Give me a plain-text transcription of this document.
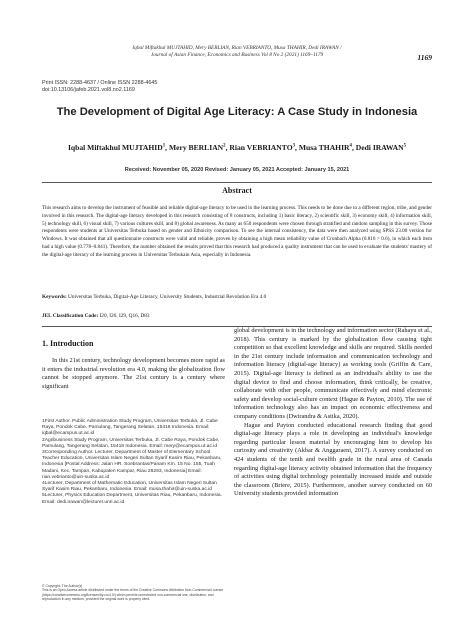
Iqbal Miftakhul MUJTAHID, Mery BERLIAN, Rian VEBRIANTO, Musa THAHIR, Dedi IRAWAN /
Journal of Asian Finance, Economics and Business Vol 8 No 2 (2021) 1169–1179	1169
Print ISSN: 2288-4637 / Online ISSN 2288-4645
doi:10.13106/jafeb.2021.vol8.no2.1169
The Development of Digital Age Literacy: A Case Study in Indonesia
Iqbal Miftakhul MUJTAHID$^1$, Mery BERLIAN$^2$, Rian VEBRIANTO$^3$, Musa THAHIR$^4$, Dedi IRAWAN$^5$
Received: November 05, 2020 Revised: January 05, 2021 Accepted: January 15, 2021
Abstract
This research aims to develop the instrument of feasible and reliable digital-age literacy to be used in the learning process. This needs to be done due to a different region, tribe, and gender involved in this research. The digital-age literacy developed in this research consisting of 8 constructs, including 1) basic literacy, 2) scientific skill, 3) economy skill, 4) information skill, 5) technology skill, 6) visual skill, 7) various cultures skill, and 8) global awareness. As many as 650 respondents were chosen through stratified and random sampling in this survey. Those respondents were students at Universitas Terbuka based on gender and Ethnicity comparison. To see the internal consistency, the data were then analyzed using SPSS 23.00 version for Windows. It was obtained that all questionnaire constructs were valid and reliable, proven by obtaining a high mean reliability value of Cronbach Alpha (0.816 > 0.6), in which each item had a high value (0.778–0.841). Therefore, the number obtained the results proved that this research had produced a quality instrument that can be used to evaluate the students' mastery of the digital-age literacy of the learning process in Universitas Terbukain Asia, especially in Indonesia.
Keywords: Universitas Terbuka, Digital-Age Literacy, University Students, Industrial Revolution Era 4.0
JEL Classification Code: I20, I26, I29, Q16, D83
1. Introduction

In this 21st century, technology development becomes more rapid as it enters the industrial revolution era 4.0, making the globalization flow cannot be stopped anymore. The 21st century is a century where significant

1First Author. Public Administration Study Program, Universitas Terbuka, Jl. Cabe Raya, Pondok Cabe, Pamulang, Tangerang Selatan, 15418 Indonesia. Email: iqbal@ecampus.ut.ac.id

2Agribusiness Study Program, Universitas Terbuka, Jl. Cabe Raya, Pondok Cabe, Pamulang, Tangerang Selatan, 15418 Indonesia. Email: mery@ecampus.ut.ac.id

3Corresponding Author. Lecturer, Department of Master of Elementary School Teacher Education, Universitas Islam Negeri Sultan Syarif Kasim Riau, Pekanbaru, Indonesia [Postal Address: Jalan HR. Soebrantas/Panam Km. 15 No. 155, Tuah Madani, Kec. Tampan, Kabupaten Kampar, Riau 28293, Indonesia] Email: rian.vebrianto@uin-suska.ac.id

4Lecturer, Department of Mathematic Education, Universitas Islam Negeri Sultan Syarif Kasim Riau, Pekanbaru, Indonesia. Email: musa.thahir@uin-suska.ac.id

5Lecturer, Physics Education Department, Universitas Riau, Pekanbaru, Indonesia. Email: dedi.irawan@lecturer.unri.ac.id

© Copyright: The Author(s)
This is an Open Access article distributed under the terms of the Creative Commons Attribution Non-Commercial License (https://creativecommons.org/licenses/by-nc/4.0/) which permits unrestricted non-commercial use, distribution, and reproduction in any medium, provided the original work is properly cited.

global development is in the technology and information sector (Rahayu et al., 2018). This century is marked by the globalization flow causing tight competition so that excellent knowledge and skills are required. Skills needed in the 21st century include information and communication technology and information literacy (digital-age literacy) as working tools (Griffin & Care, 2015). Digital-age literacy is defined as an individual's ability to use the digital device to find and choose information, think critically, be creative, collaborate with other people, communicate effectively and mind electronic safety and develop social-culture context (Hague & Payton, 2010). The use of information technology also has an impact on economic effectiveness and company conditions (Dwirandra & Astika, 2020).

Hague and Payton conducted educational research finding that good digital-age literacy plays a role in developing an individual's knowledge regarding particular lesson material by encouraging him to develop his curiosity and creativity (Akbar & Anggaraeni, 2017). A survey conducted on 424 students of the tenth and twelfth grade in the rural area of Canada regarding digital-age literacy activity obtained information that the frequency of activities using digital technology potentially increased inside and outside the classroom (Briere, 2015). Furthermore, another survey conducted on 60 University students provided information
